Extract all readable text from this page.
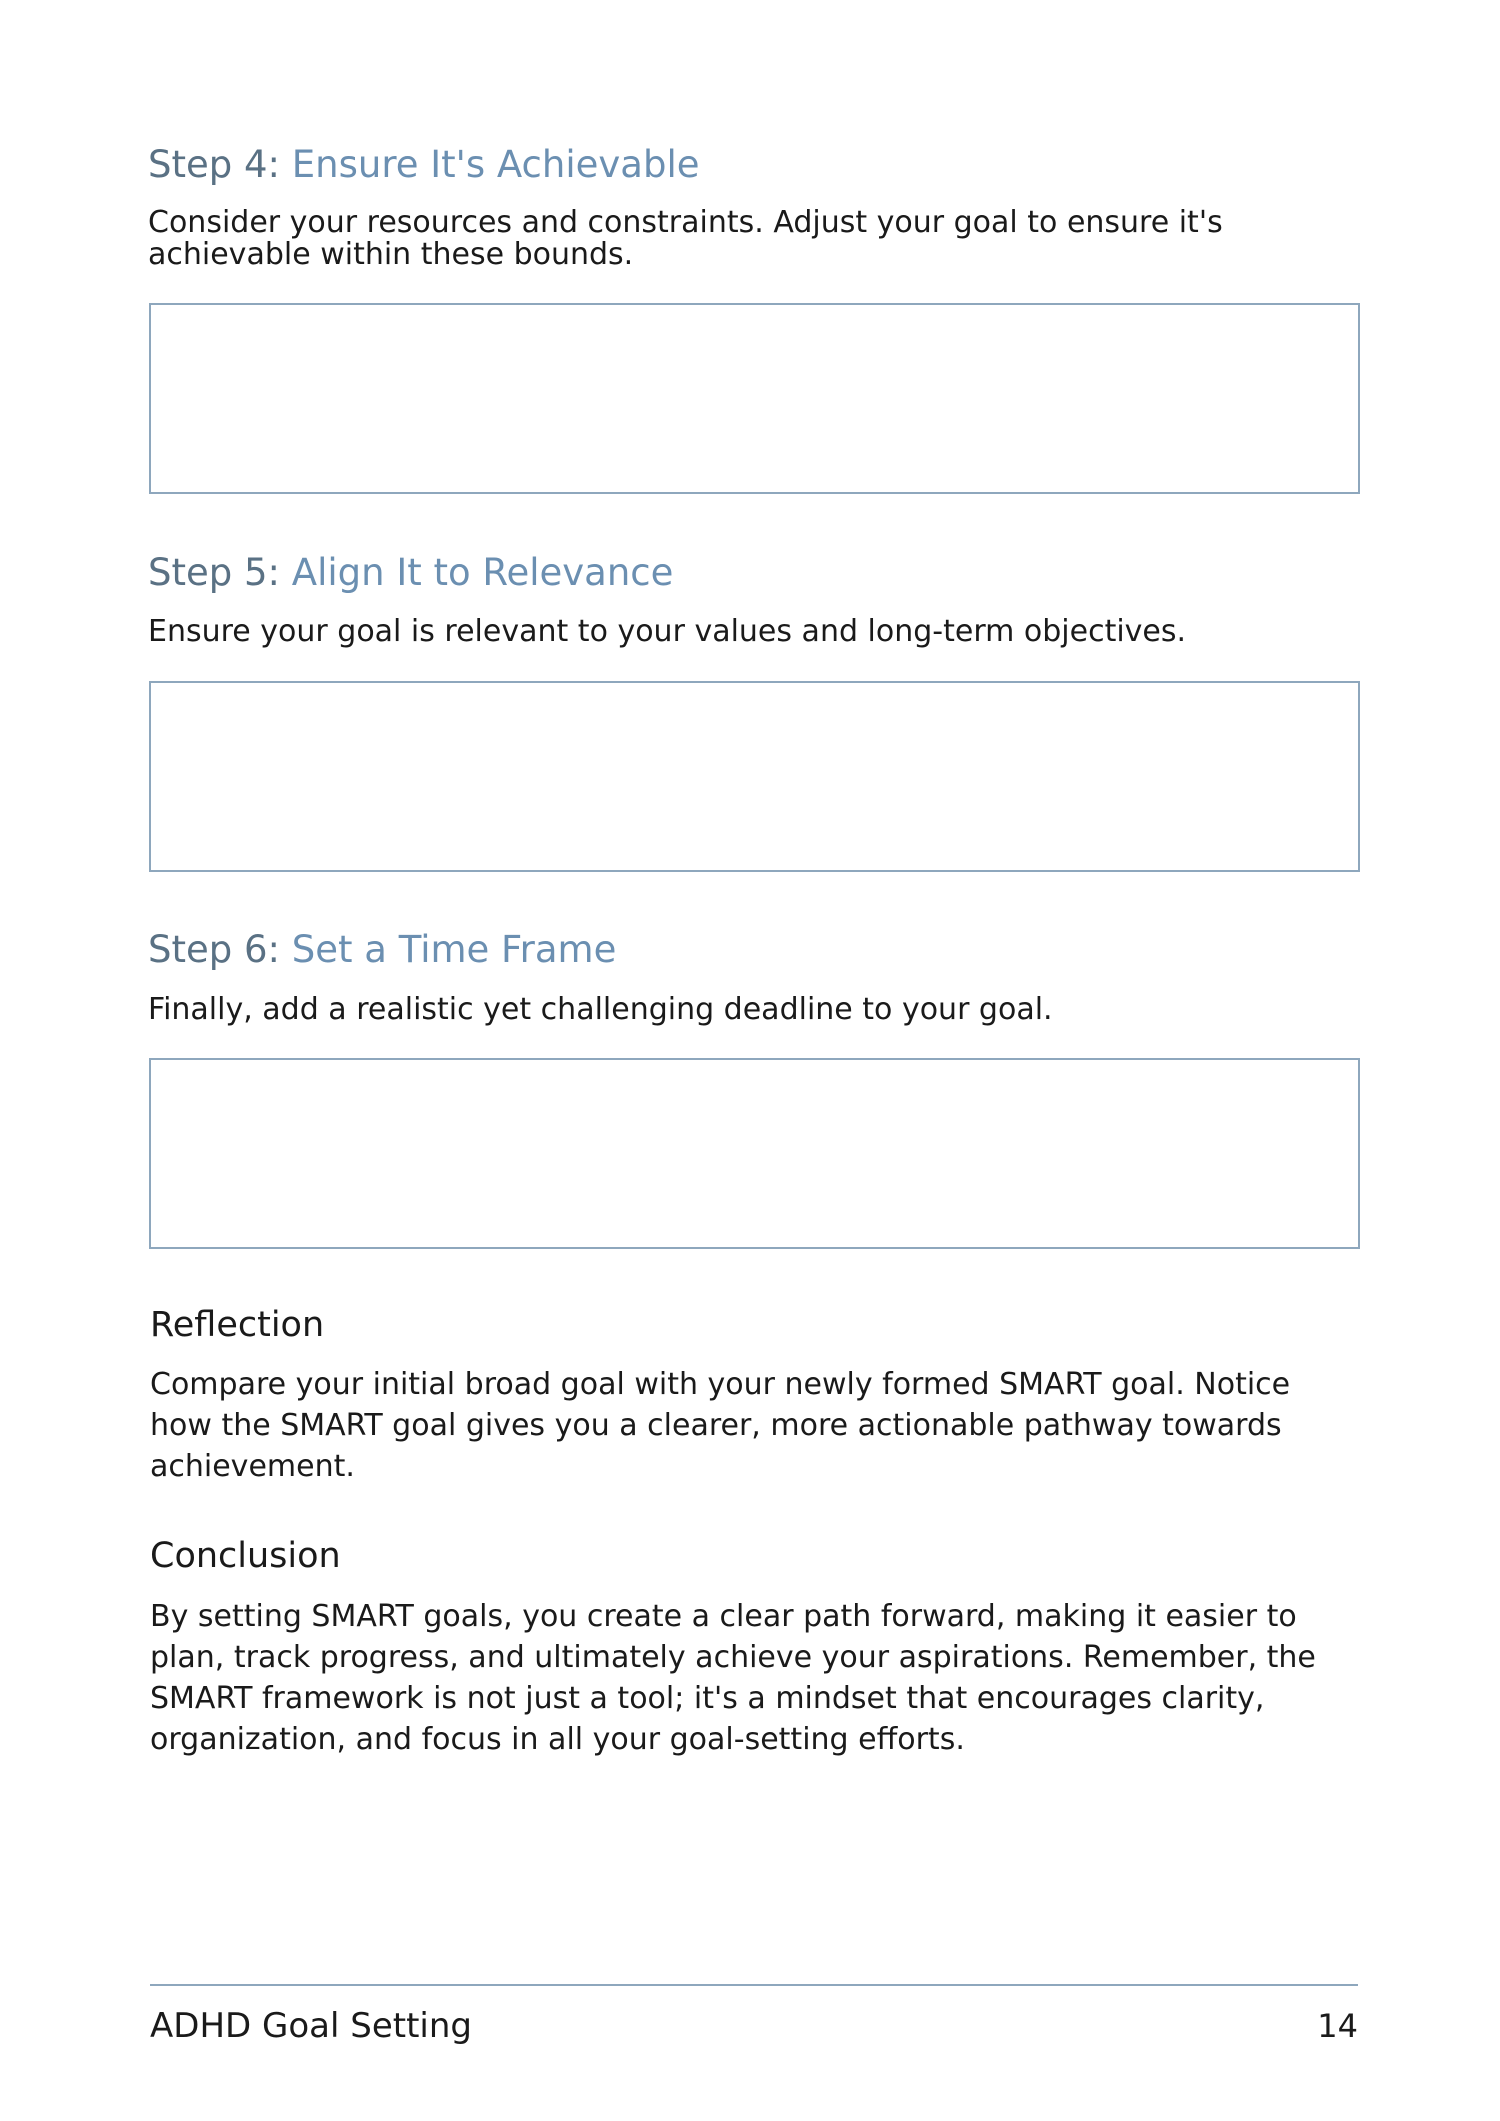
Step 4: Ensure It's Achievable

Consider your resources and constraints. Adjust your goal to ensure it's achievable within these bounds.

Step 5: Align It to Relevance

Ensure your goal is relevant to your values and long-term objectives.

Step 6: Set a Time Frame

Finally, add a realistic yet challenging deadline to your goal.

Reflection

Compare your initial broad goal with your newly formed SMART goal. Notice how the SMART goal gives you a clearer, more actionable pathway towards achievement.

Conclusion

By setting SMART goals, you create a clear path forward, making it easier to plan, track progress, and ultimately achieve your aspirations. Remember, the SMART framework is not just a tool; it's a mindset that encourages clarity, organization, and focus in all your goal-setting efforts.

ADHD Goal Setting	14
